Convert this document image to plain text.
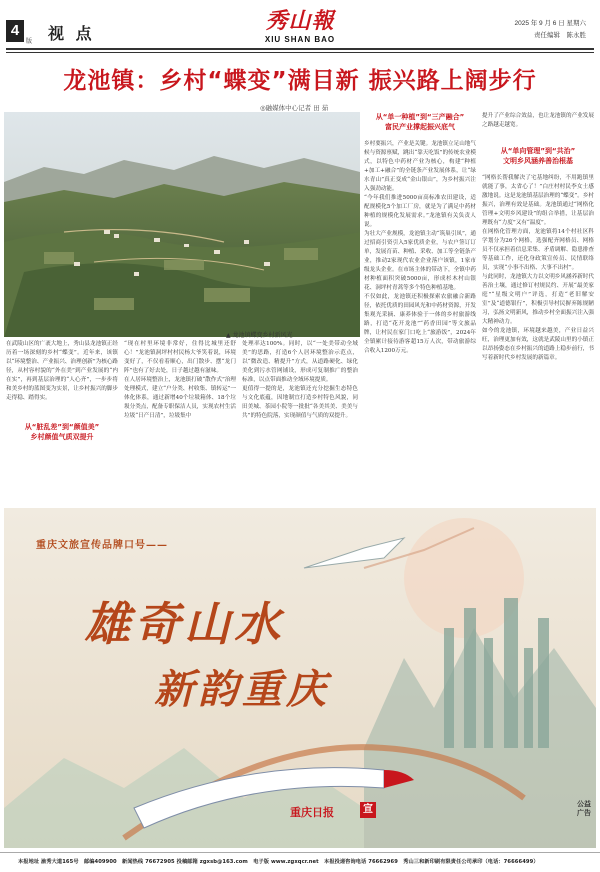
4
版 视 点	秀山報
XIU SHAN BAO
2025 年 9 月 6 日 星期六
责任编辑　陈永胜
龙池镇：乡村“蝶变”满目新 振兴路上阔步行
◎融媒体中心记者 田 茹
▲ 龙池镇蝶变乡村新风光
在武陵山区的广袤大地上，秀山县龙池镇正经历着一场深刻的乡村“蝶变”。近年来，该镇以“环境整治、产业振兴、治理创新”为核心路径，从村容村貌的“外在美”到产业发展的“内在实”，再到基层治理的“人心齐”，一步步将和美乡村的蓝图变为实景，让乡村振兴的脚步走得稳、踏得实。
从“脏乱差”到“颜值美”
乡村颜值气质双提升
“现在村里环境非常好，住得比城里还舒心！”龙池镇洞坪村村民杨大爷笑着说，环境变好了，不仅看着顺心，出门散步、摆“龙门阵”也有了好去处，日子越过越有滋味。
在人居环境整治上，龙池镇打破“散作式”治理处理模式，建立“户分类、村收集、镇转运”一体化体系，通过新增40个垃圾箱体、18个垃圾分类点，配备专职保洁人员，实现农村生活垃圾“日产日清”，垃圾集中
处理率达100%。同时，以“一处美带动全域美”的思路，打造6个人居环境整治示范点，以“微改造、精提升”方式，从道路硬化、绿化美化到污水管网铺设，形成可复制推广的整治标准，以点带面推动全域环境提质。
更值得一提的是，龙池镇还充分挖掘生态特色与文化底蕴，因地制宜打造乡村特色风貌，同田美城、茶园小院等一批批“各美其美、美美与共”的特色院落，实现颜值与气质的双提升。
从“单一种植”到“三产融合”
富民产业撑起振兴底气
乡村要振兴，产业是关键。龙池镇立足山地气候与资源禀赋，跳出“靠天吃饭”的传统农业模式，以特色中药材产业为核心，构建“种植+加工+融合”的全链条产业发展体系，让“绿水青山”真正变成“金山银山”，为乡村振兴注入强劲动能。
“今年我们推进5000亩高标准农田建设，适配规模化5个加工厂房，就是为了满足中药材种植的规模化发展需求。”龙池镇有关负责人说。
为壮大产业规模，龙池镇主动“筑巢引凤”，通过招商引资引入5家优质企业，与农户签订订单，发展育苗、种植、采收、加工等全链条产业，推动2家现代农业企业落户该镇，1家市级龙头企业。在市场主体的带动下，全镇中药材种植面积突破5000亩，形成杉木村山银花、洞坪村青蒿等多个特色种植基地。
不仅如此，龙池镇还积极探索农旅融合新路径，依托优质的田园风光和中药材资源，开发集观光采摘、康养体验于一体的乡村旅游线路，打造“花开龙池”“药香田园”等文旅品牌，让村民在家门口吃上“旅游饭”，2024年全镇累计接待游客超15万人次，带动旅游综合收入1200万元。
提升了产业综合效益，也让龙池镇的产业发展之路越走越宽。
从“单向管理”到“共治”
文明乡风涵养善治根基
“网格长帮我解决了宅基地纠纷，不用跑镇里就能了事，太省心了！”白庄村村民李女士感激地说。这是龙池镇基层治理的“蝶变”。乡村振兴，治理有效是基础。龙池镇通过“网格化管理+文明乡风建设”的组合举措，让基层治理既有“力度”又有“温度”。
在网格化管理方面，龙池镇将14个村社区科学划分为26个网格，选强配齐网格员、网格员不仅承担着信息采集、矛盾调解、隐患排查等基础工作，还化身政策宣传员、民情联络员，实现“小事不出格、大事不出村”。
与此同时，龙池镇大力以文明乡风涵养新时代善治土壤，通过修订村规民约、开展“最美家庭”“星级文明户”评选，打造“老旧解安室”及“道德银行”，积极引导村民摒弃陈规陋习，弘扬文明新风，推动乡村全面振兴注入强大精神动力。
如今的龙池镇，环境越来越美，产业日益兴旺，治理更加有效，这就是武陵山里的小镇正以昂扬姿态在乡村振兴的道路上稳步前行，书写着新时代乡村发展的新篇章。
重庆文旅宣传品牌口号——
雄奇山水
新韵重庆
重庆日报	宣	公益广告
本报地址 渝秀大道165号　邮编409900　新闻热线 76672905 投稿邮箱 zgxsb@163.com　电子版 www.zgxqcr.net　本报投递咨询电话 76662969　秀山三和新印刷有限责任公司承印（电话：76666499）
